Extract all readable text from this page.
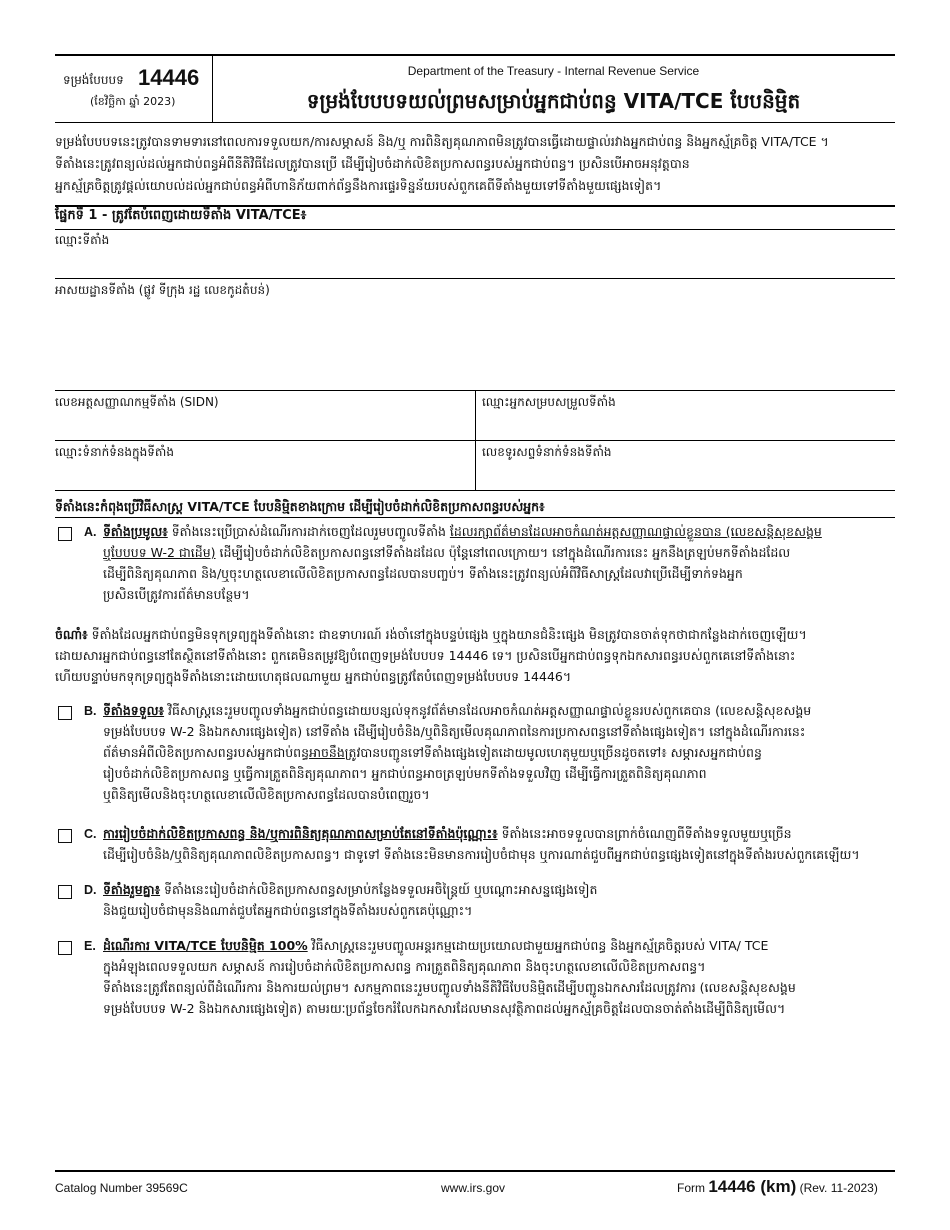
ទម្រង់បែបបទ 14446
(ខែវិច្ឆិកា ឆ្នាំ 2023)
Department of the Treasury - Internal Revenue Service
ទម្រង់បែបបទយល់ព្រមសម្រាប់អ្នកជាប់ពន្ធ VITA/TCE បែបនិម្មិត
ទម្រង់បែបបទនេះត្រូវបានទាមទារនៅពេលការទទួលយក/ការសម្ភាសន៍ និង/ឬ ការពិនិត្យគុណភាពមិនត្រូវបានធ្វើដោយផ្ទាល់រវាងអ្នកជាប់ពន្ធ និងអ្នកស្ម័គ្រចិត្ត VITA/TCE ។
ទីតាំងនេះត្រូវពន្យល់ដល់អ្នកជាប់ពន្ធអំពីនីតិវិធីដែលត្រូវបានប្រើ ដើម្បីរៀបចំដាក់លិខិតប្រកាសពន្ធរបស់អ្នកជាប់ពន្ធ។ ប្រសិនបើអាចអនុវត្តបាន
អ្នកស្ម័គ្រចិត្តត្រូវផ្តល់យោបល់ដល់អ្នកជាប់ពន្ធអំពីហានិភ័យពាក់ព័ន្ធនឹងការផ្ទេរទិន្នន័យរបស់ពួកគេពីទីតាំងមួយទៅទីតាំងមួយផ្សេងទៀត។
ផ្នែកទី 1 - ត្រូវតែបំពេញដោយទីតាំង VITA/TCE៖
ឈ្មោះទីតាំង
អាសយដ្ឋានទីតាំង (ផ្លូវ ទីក្រុង រដ្ឋ លេខកូដតំបន់)
លេខអត្តសញ្ញាណកម្មទីតាំង (SIDN)	ឈ្មោះអ្នកសម្របសម្រួលទីតាំង
ឈ្មោះទំនាក់ទំនងក្នុងទីតាំង	លេខទូរសព្ទទំនាក់ទំនងទីតាំង
ទីតាំងនេះកំពុងប្រើវិធីសាស្ត្រ VITA/TCE បែបនិម្មិតខាងក្រោម ដើម្បីរៀបចំដាក់លិខិតប្រកាសពន្ធរបស់អ្នក៖
A. ទីតាំងប្រមូល៖ ទីតាំងនេះប្រើប្រាស់ដំណើរការដាក់ចេញដែលរួមបញ្ចូលទីតាំង ដែលរក្សាព័ត៌មានដែលអាចកំណត់អត្តសញ្ញាណផ្ទាល់ខ្លួនបាន (លេខសន្តិសុខសង្គម
ឬបែបបទ W-2 ជាដើម) ដើម្បីរៀបចំដាក់លិខិតប្រកាសពន្ធនៅទីតាំងដដែល ប៉ុន្តែនៅពេលក្រោយ។ នៅក្នុងដំណើរការនេះ អ្នកនឹងត្រឡប់មកទីតាំងដដែល
ដើម្បីពិនិត្យគុណភាព និង/ឬចុះហត្ថលេខាលើលិខិតប្រកាសពន្ធដែលបានបញ្ចប់។ ទីតាំងនេះត្រូវពន្យល់អំពីវិធីសាស្ត្រដែលវាប្រើដើម្បីទាក់ទងអ្នក
ប្រសិនបើត្រូវការព័ត៌មានបន្ថែម។
ចំណាំ៖ ទីតាំងដែលអ្នកជាប់ពន្ធមិនទុកទ្រព្យក្នុងទីតាំងនោះ ជាឧទាហរណ៍ រង់ចាំនៅក្នុងបន្ទប់ផ្សេង ឬក្នុងយានជំនិះផ្សេង មិនត្រូវបានចាត់ទុកថាជាកន្លែងដាក់ចេញឡើយ។
ដោយសារអ្នកជាប់ពន្ធនៅតែស្ថិតនៅទីតាំងនោះ ពួកគេមិនតម្រូវឱ្យបំពេញទម្រង់បែបបទ 14446 ទេ។ ប្រសិនបើអ្នកជាប់ពន្ធទុកឯកសារពន្ធរបស់ពួកគេនៅទីតាំងនោះ
ហើយបន្ទាប់មកទុកទ្រព្យក្នុងទីតាំងនោះដោយហេតុផលណាមួយ អ្នកជាប់ពន្ធត្រូវតែបំពេញទម្រង់បែបបទ 14446។
B. ទីតាំងទទួល៖ វិធីសាស្ត្រនេះរួមបញ្ចូលទាំងអ្នកជាប់ពន្ធដោយបន្សល់ទុកនូវព័ត៌មានដែលអាចកំណត់អត្តសញ្ញាណផ្ទាល់ខ្លួនរបស់ពួកគេបាន (លេខសន្តិសុខសង្គម
ទម្រង់បែបបទ W-2 និងឯកសារផ្សេងទៀត) នៅទីតាំង ដើម្បីរៀបចំនិង/ឬពិនិត្យមើលគុណភាពនៃការប្រកាសពន្ធនៅទីតាំងផ្សេងទៀត។ នៅក្នុងដំណើរការនេះ
ព័ត៌មានអំពីលិខិតប្រកាសពន្ធរបស់អ្នកជាប់ពន្ធអាចនឹងត្រូវបានបញ្ជូនទៅទីតាំងផ្សេងទៀតដោយមូលហេតុមួយឬច្រើនដូចតទៅ៖ សម្ភារសអ្នកជាប់ពន្ធ
រៀបចំដាក់លិខិតប្រកាសពន្ធ ឬធ្វើការត្រួតពិនិត្យគុណភាព។ អ្នកជាប់ពន្ធអាចត្រឡប់មកទីតាំងទទួលវិញ ដើម្បីធ្វើការត្រួតពិនិត្យគុណភាព
ឬពិនិត្យមើលនិងចុះហត្ថលេខាលើលិខិតប្រកាសពន្ធដែលបានបំពេញរួច។
C. ការរៀបចំដាក់លិខិតប្រកាសពន្ធ និង/ឬការពិនិត្យគុណភាពសម្រាប់តែនៅទីតាំងប៉ុណ្ណោះ៖ ទីតាំងនេះអាចទទួលបានព្រាក់ចំណេញពីទីតាំងទទួលមួយឬច្រើន
ដើម្បីរៀបចំនិង/ឬពិនិត្យគុណភាពលិខិតប្រកាសពន្ធ។ ជាទូទៅ ទីតាំងនេះមិនមានការរៀបចំជាមុន ឬការណាត់ជួបពីអ្នកជាប់ពន្ធផ្សេងទៀតនៅក្នុងទីតាំងរបស់ពួកគេឡើយ។
D. ទីតាំងរួមគ្នា៖ ទីតាំងនេះរៀបចំដាក់លិខិតប្រកាសពន្ធសម្រាប់កន្លែងទទួលអចិន្ត្រៃយ៍ ឬបណ្តោះអាសន្នផ្សេងទៀត
និងជួយរៀបចំជាមុននិងណាត់ជួបតែអ្នកជាប់ពន្ធនៅក្នុងទីតាំងរបស់ពួកគេប៉ុណ្ណោះ។
E. ដំណើរការ VITA/TCE បែបនិម្មិត 100% វិធីសាស្ត្រនេះរួមបញ្ចូលអន្តរកម្មដោយប្រយោលជាមួយអ្នកជាប់ពន្ធ និងអ្នកស្ម័គ្រចិត្តរបស់ VITA/ TCE
ក្នុងអំឡុងពេលទទួលយក សម្ភាសន៍ ការរៀបចំដាក់លិខិតប្រកាសពន្ធ ការត្រួតពិនិត្យគុណភាព និងចុះហត្ថលេខាលើលិខិតប្រកាសពន្ធ។
ទីតាំងនេះត្រូវតែពន្យល់ពីដំណើរការ និងការយល់ព្រម។ សកម្មភាពនេះរួមបញ្ចូលទាំងនីតិវិធីបែបនិម្មិតដើម្បីបញ្ជូនឯកសារដែលត្រូវការ (លេខសន្តិសុខសង្គម
ទម្រង់បែបបទ W-2 និងឯកសារផ្សេងទៀត) តាមរយៈប្រព័ន្ធចែករំលែកឯកសារដែលមានសុវត្ថិភាពដល់អ្នកស្ម័គ្រចិត្តដែលបានចាត់តាំងដើម្បីពិនិត្យមើល។
Catalog Number 39569C	www.irs.gov	Form 14446 (km) (Rev. 11-2023)
